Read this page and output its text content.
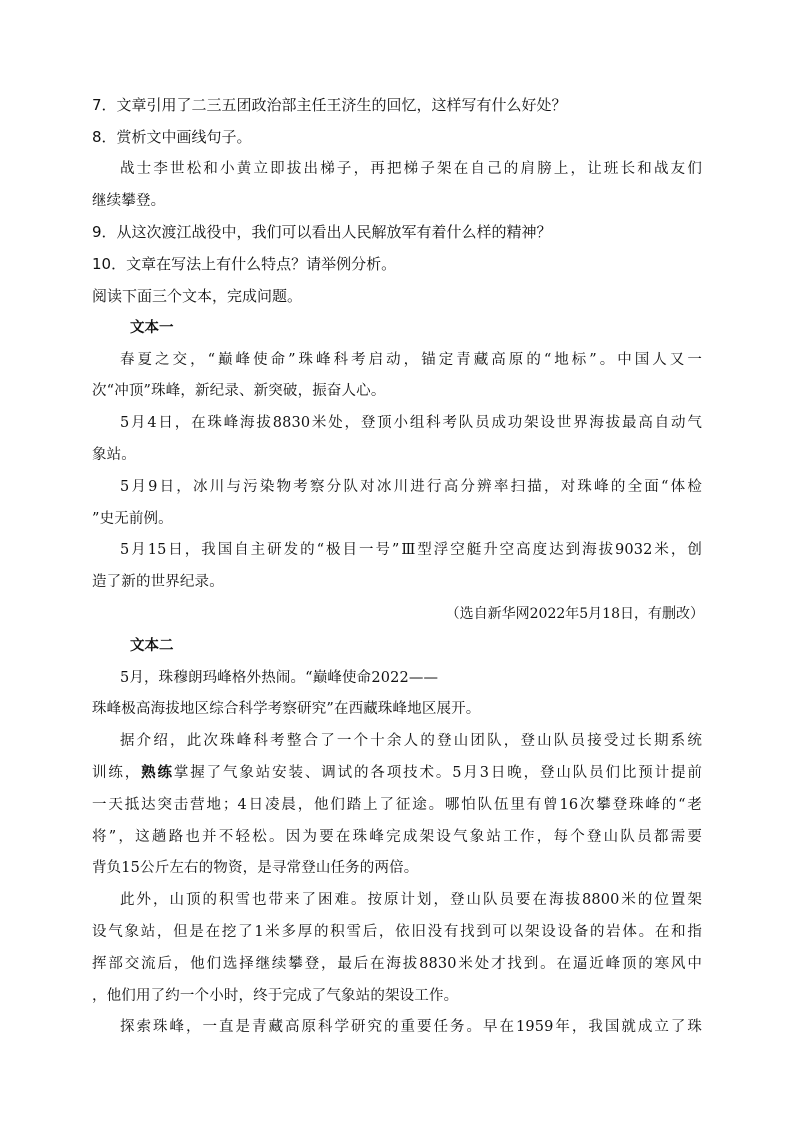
7．文章引用了二三五团政治部主任王济生的回忆，这样写有什么好处？
8．赏析文中画线句子。
战士李世松和小黄立即拔出梯子，再把梯子架在自己的肩膀上，让班长和战友们
继续攀登。
9．从这次渡江战役中，我们可以看出人民解放军有着什么样的精神？
10．文章在写法上有什么特点？请举例分析。
阅读下面三个文本，完成问题。
文本一
春夏之交，“巅峰使命”珠峰科考启动，锚定青藏高原的“地标”。中国人又一
次“冲顶”珠峰，新纪录、新突破，振奋人心。
5月4日，在珠峰海拔8830米处，登顶小组科考队员成功架设世界海拔最高自动气
象站。
5月9日，冰川与污染物考察分队对冰川进行高分辨率扫描，对珠峰的全面“体检
”史无前例。
5月15日，我国自主研发的“极目一号”Ⅲ型浮空艇升空高度达到海拔9032米，创
造了新的世界纪录。
（选自新华网2022年5月18日，有删改）
文本二
5月，珠穆朗玛峰格外热闹。“巅峰使命2022——
珠峰极高海拔地区综合科学考察研究”在西藏珠峰地区展开。
据介绍，此次珠峰科考整合了一个十余人的登山团队，登山队员接受过长期系统
训练，熟练掌握了气象站安装、调试的各项技术。5月3日晚，登山队员们比预计提前
一天抵达突击营地；4日凌晨，他们踏上了征途。哪怕队伍里有曾16次攀登珠峰的“老
将”，这趟路也并不轻松。因为要在珠峰完成架设气象站工作，每个登山队员都需要
背负15公斤左右的物资，是寻常登山任务的两倍。
此外，山顶的积雪也带来了困难。按原计划，登山队员要在海拔8800米的位置架
设气象站，但是在挖了1米多厚的积雪后，依旧没有找到可以架设设备的岩体。在和指
挥部交流后，他们选择继续攀登，最后在海拔8830米处才找到。在逼近峰顶的寒风中
，他们用了约一个小时，终于完成了气象站的架设工作。
探索珠峰，一直是青藏高原科学研究的重要任务。早在1959年，我国就成立了珠
